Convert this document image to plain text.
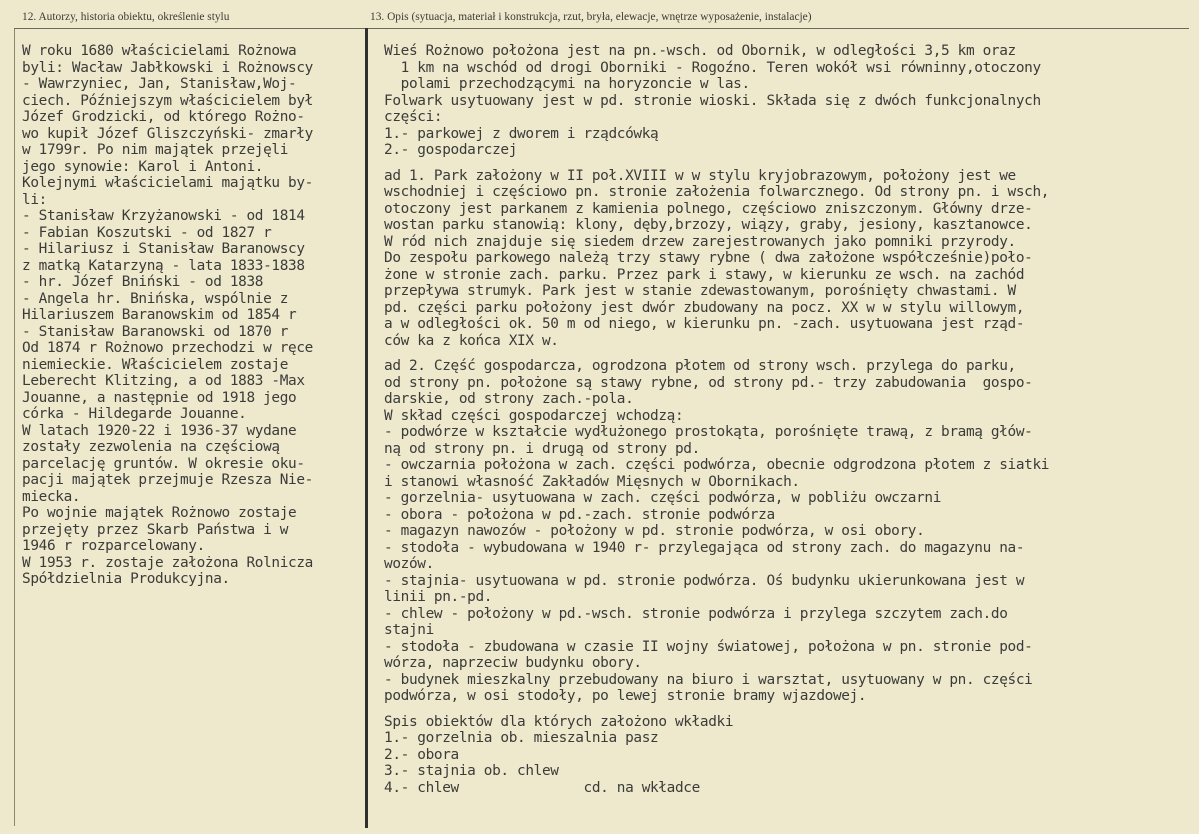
12. Autorzy, historia obiektu, określenie stylu	13. Opis (sytuacja, materiał i konstrukcja, rzut, bryła, elewacje, wnętrze wyposażenie, instalacje)
W roku 1680 właścicielami Rożnowa
byli: Wacław Jabłkowski i Rożnowscy
- Wawrzyniec, Jan, Stanisław,Woj-
ciech. Późniejszym właścicielem był
Józef Grodzicki, od którego Rożno-
wo kupił Józef Gliszczyński- zmarły
w 1799r. Po nim majątek przejęli
jego synowie: Karol i Antoni.
Kolejnymi właścicielami majątku by-
li:
- Stanisław Krzyżanowski - od 1814
- Fabian Koszutski - od 1827 r
- Hilariusz i Stanisław Baranowscy
z matką Katarzyną - lata 1833-1838
- hr. Józef Bniński - od 1838
- Angela hr. Bnińska, wspólnie z
Hilariuszem Baranowskim od 1854 r
- Stanisław Baranowski od 1870 r
Od 1874 r Rożnowo przechodzi w ręce
niemieckie. Właścicielem zostaje
Leberecht Klitzing, a od 1883 -Max
Jouanne, a następnie od 1918 jego
córka - Hildegarde Jouanne.
W latach 1920-22 i 1936-37 wydane
zostały zezwolenia na częściową
parcelację gruntów. W okresie oku-
pacji majątek przejmuje Rzesza Nie-
miecka.
Po wojnie majątek Rożnowo zostaje
przejęty przez Skarb Państwa i w
1946 r rozparcelowany.
W 1953 r. zostaje założona Rolnicza
Spółdzielnia Produkcyjna.
Wieś Rożnowo położona jest na pn.-wsch. od Obornik, w odległości 3,5 km oraz
1 km na wschód od drogi Oborniki - Rogoźno. Teren wokół wsi równinny,otoczony
polami przechodzącymi na horyzoncie w las.
Folwark usytuowany jest w pd. stronie wioski. Składa się z dwóch funkcjonalnych
części:
1.- parkowej z dworem i rządcówką
2.- gospodarczej
ad 1. Park założony w II poł.XVIII w w stylu kryjobrazowym, położony jest we
wschodniej i częściowo pn. stronie założenia folwarcznego. Od strony pn. i wsch,
otoczony jest parkanem z kamienia polnego, częściowo zniszczonym. Główny drze-
wostan parku stanowią: klony, dęby,brzozy, wiązy, graby, jesiony, kasztanowce.
W ród nich znajduje się siedem drzew zarejestrowanych jako pomniki przyrody.
Do zespołu parkowego należą trzy stawy rybne ( dwa założone współcześnie)poło-
żone w stronie zach. parku. Przez park i stawy, w kierunku ze wsch. na zachód
przepływa strumyk. Park jest w stanie zdewastowanym, porośnięty chwastami. W
pd. części parku położony jest dwór zbudowany na pocz. XX w w stylu willowym,
a w odległości ok. 50 m od niego, w kierunku pn. -zach. usytuowana jest rząd-
ców ka z końca XIX w.
ad 2. Część gospodarcza, ogrodzona płotem od strony wsch. przylega do parku,
od strony pn. położone są stawy rybne, od strony pd.- trzy zabudowania  gospo-
darskie, od strony zach.-pola.
W skład części gospodarczej wchodzą:
- podwórze w kształcie wydłużonego prostokąta, porośnięte trawą, z bramą głów-
ną od strony pn. i drugą od strony pd.
- owczarnia położona w zach. części podwórza, obecnie odgrodzona płotem z siatki
i stanowi własność Zakładów Mięsnych w Obornikach.
- gorzelnia- usytuowana w zach. części podwórza, w pobliżu owczarni
- obora - położona w pd.-zach. stronie podwórza
- magazyn nawozów - położony w pd. stronie podwórza, w osi obory.
- stodoła - wybudowana w 1940 r- przylegająca od strony zach. do magazynu na-
wozów.
- stajnia- usytuowana w pd. stronie podwórza. Oś budynku ukierunkowana jest w
linii pn.-pd.
- chlew - położony w pd.-wsch. stronie podwórza i przylega szczytem zach.do
stajni
- stodoła - zbudowana w czasie II wojny światowej, położona w pn. stronie pod-
wórza, naprzeciw budynku obory.
- budynek mieszkalny przebudowany na biuro i warsztat, usytuowany w pn. części
podwórza, w osi stodoły, po lewej stronie bramy wjazdowej.
Spis obiektów dla których założono wkładki
1.- gorzelnia ob. mieszalnia pasz
2.- obora
3.- stajnia ob. chlew
4.- chlew               cd. na wkładce
